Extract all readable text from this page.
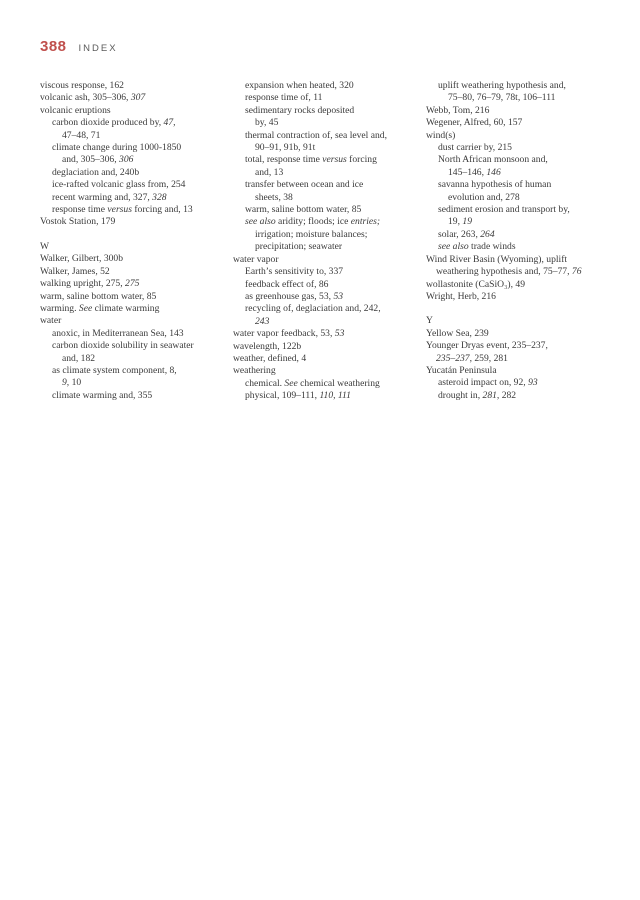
388 INDEX
viscous response, 162
volcanic ash, 305–306, 307
volcanic eruptions
carbon dioxide produced by, 47,
47–48, 71
climate change during 1000-1850
and, 305–306, 306
deglaciation and, 240b
ice-rafted volcanic glass from, 254
recent warming and, 327, 328
response time versus forcing and, 13
Vostok Station, 179
W
Walker, Gilbert, 300b
Walker, James, 52
walking upright, 275, 275
warm, saline bottom water, 85
warming. See climate warming
water
anoxic, in Mediterranean Sea, 143
carbon dioxide solubility in seawater
and, 182
as climate system component, 8,
9, 10
climate warming and, 355
expansion when heated, 320
response time of, 11
sedimentary rocks deposited
by, 45
thermal contraction of, sea level and,
90–91, 91b, 91t
total, response time versus forcing
and, 13
transfer between ocean and ice
sheets, 38
warm, saline bottom water, 85
see also aridity; floods; ice entries;
irrigation; moisture balances;
precipitation; seawater
water vapor
Earth’s sensitivity to, 337
feedback effect of, 86
as greenhouse gas, 53, 53
recycling of, deglaciation and, 242,
243
water vapor feedback, 53, 53
wavelength, 122b
weather, defined, 4
weathering
chemical. See chemical weathering
physical, 109–111, 110, 111
uplift weathering hypothesis and,
75–80, 76–79, 78t, 106–111
Webb, Tom, 216
Wegener, Alfred, 60, 157
wind(s)
dust carrier by, 215
North African monsoon and,
145–146, 146
savanna hypothesis of human
evolution and, 278
sediment erosion and transport by,
19, 19
solar, 263, 264
see also trade winds
Wind River Basin (Wyoming), uplift
weathering hypothesis and, 75–77, 76
wollastonite (CaSiO₃), 49
Wright, Herb, 216
Y
Yellow Sea, 239
Younger Dryas event, 235–237,
235–237, 259, 281
Yucatán Peninsula
asteroid impact on, 92, 93
drought in, 281, 282
